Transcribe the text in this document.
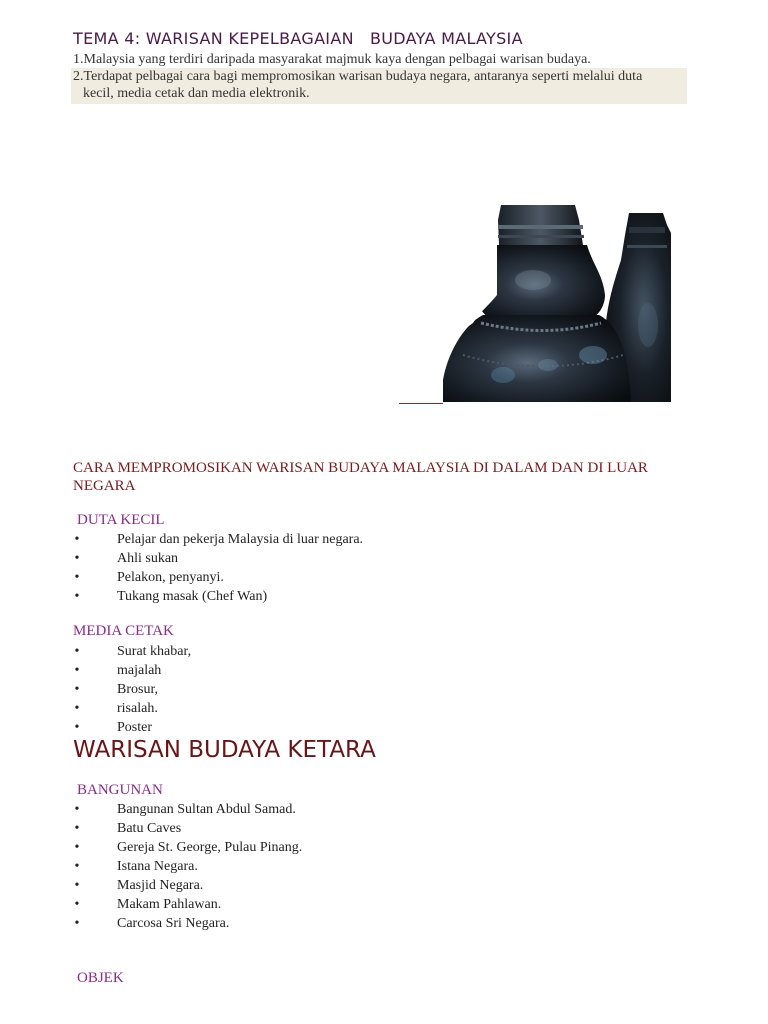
TEMA 4: WARISAN KEPELBAGAIAN   BUDAYA MALAYSIA
1.Malaysia yang terdiri daripada masyarakat majmuk kaya dengan pelbagai warisan budaya.
2.Terdapat pelbagai cara bagi mempromosikan warisan budaya negara, antaranya seperti melalui duta
kecil, media cetak dan media elektronik.
CARA MEMPROMOSIKAN WARISAN BUDAYA MALAYSIA DI DALAM DAN DI LUAR
NEGARA
DUTA KECIL
•	Pelajar dan pekerja Malaysia di luar negara.
•	Ahli sukan
•	Pelakon, penyanyi.
•	Tukang masak (Chef Wan)
MEDIA CETAK
•	Surat khabar,
•	majalah
•	Brosur,
•	risalah.
•	Poster
WARISAN BUDAYA KETARA
BANGUNAN
•	Bangunan Sultan Abdul Samad.
•	Batu Caves
•	Gereja St. George, Pulau Pinang.
•	Istana Negara.
•	Masjid Negara.
•	Makam Pahlawan.
•	Carcosa Sri Negara.
OBJEK
